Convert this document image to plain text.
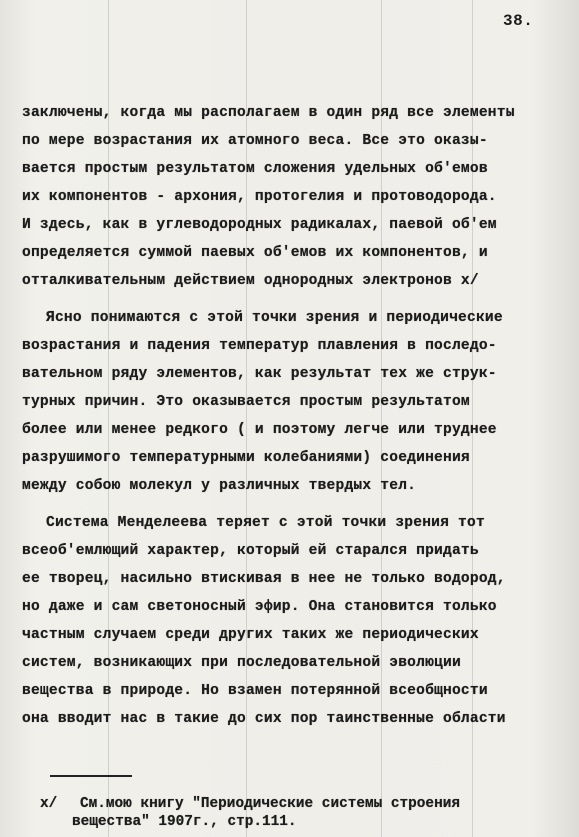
38.
заключены, когда мы располагаем в один ряд все элементы
по мере возрастания их атомного веса. Все это оказы-
вается простым результатом сложения удельных об'емов
их компонентов - архония, протогелия и протоводорода.
И здесь, как в углеводородных радикалах, паевой об'ем
определяется суммой паевых об'емов их компонентов, и
отталкивательным действием однородных электронов х/
Ясно понимаются с этой точки зрения и периодические
возрастания и падения температур плавления в последо-
вательном ряду элементов, как результат тех же струк-
турных причин. Это оказывается простым результатом
более или менее редкого ( и поэтому легче или труднее
разрушимого температурными колебаниями) соединения
между собою молекул у различных твердых тел.
Система Менделеева теряет с этой точки зрения тот
всеоб'емлющий характер, который ей старался придать
ее творец, насильно втискивая в нее не только водород,
но даже и сам светоносный эфир. Она становится только
частным случаем среди других таких же периодических
систем, возникающих при последовательной эволюции
вещества в природе. Но взамен потерянной всеобщности
она вводит нас в такие до сих пор таинственные области
х/ См.мою книгу "Периодические системы строения
вещества" 1907г., стр.111.
